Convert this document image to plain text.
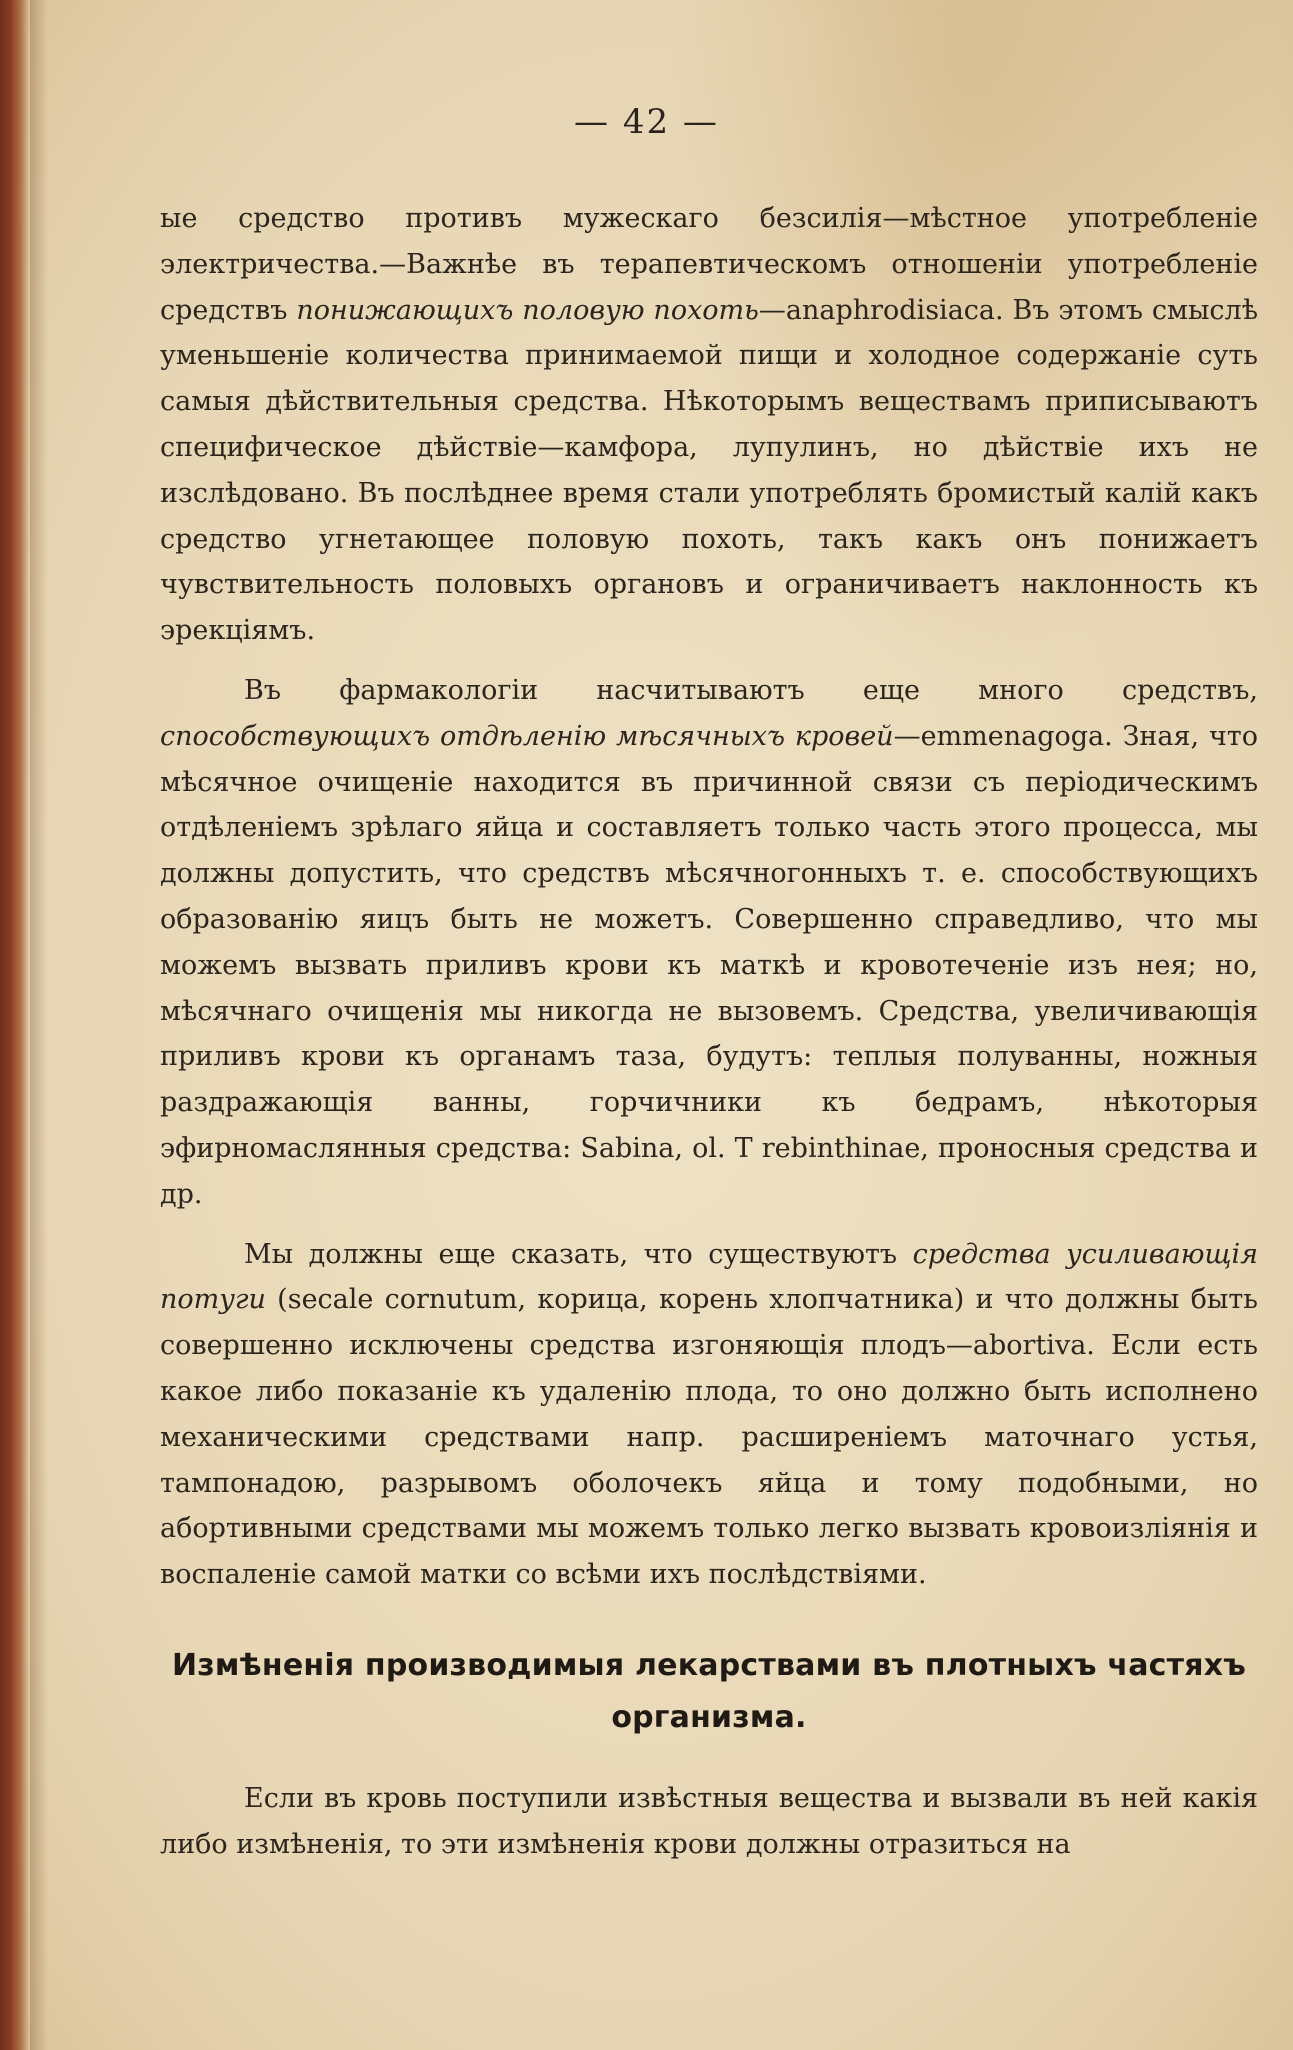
— 42 —

ые средство противъ мужескаго безсилія—мѣстное употребленіе электричества.—Важнѣе въ терапевтическомъ отношеніи употребленіе средствъ понижающихъ половую похоть—anaphrodisiaca. Въ этомъ смыслѣ уменьшеніе количества принимаемой пищи и холодное содержаніе суть самыя дѣйствительныя средства. Нѣкоторымъ веществамъ приписываютъ специфическое дѣйствіе—камфора, лупулинъ, но дѣйствіе ихъ не изслѣдовано. Въ послѣднее время стали употреблять бромистый калій какъ средство угнетающее половую похоть, такъ какъ онъ понижаетъ чувствительность половыхъ органовъ и ограничиваетъ наклонность къ эрекціямъ.

Въ фармакологіи насчитываютъ еще много средствъ, способствующихъ отдѣленію мѣсячныхъ кровей—emmenagoga. Зная, что мѣсячное очищеніе находится въ причинной связи съ періодическимъ отдѣленіемъ зрѣлаго яйца и составляетъ только часть этого процесса, мы должны допустить, что средствъ мѣсячногонныхъ т. е. способствующихъ образованію яицъ быть не можетъ. Совершенно справедливо, что мы можемъ вызвать приливъ крови къ маткѣ и кровотеченіе изъ нея; но, мѣсячнаго очищенія мы никогда не вызовемъ. Средства, увеличивающія приливъ крови къ органамъ таза, будутъ: теплыя полуванны, ножныя раздражающія ванны, горчичники къ бедрамъ, нѣкоторыя эфирномаслянныя средства: Sabina, ol. T rebinthinae, проносныя средства и др.

Мы должны еще сказать, что существуютъ средства усиливающія потуги (secale cornutum, корица, корень хлопчатника) и что должны быть совершенно исключены средства изгоняющія плодъ—abortiva. Если есть какое либо показаніе къ удаленію плода, то оно должно быть исполнено механическими средствами напр. расширеніемъ маточнаго устья, тампонадою, разрывомъ оболочекъ яйца и тому подобными, но абортивными средствами мы можемъ только легко вызвать кровоизліянія и воспаленіе самой матки со всѣми ихъ послѣдствіями.

Измѣненія производимыя лекарствами въ плотныхъ частяхъ организма.

Если въ кровь поступили извѣстныя вещества и вызвали въ ней какія либо измѣненія, то эти измѣненія крови должны отразиться на
